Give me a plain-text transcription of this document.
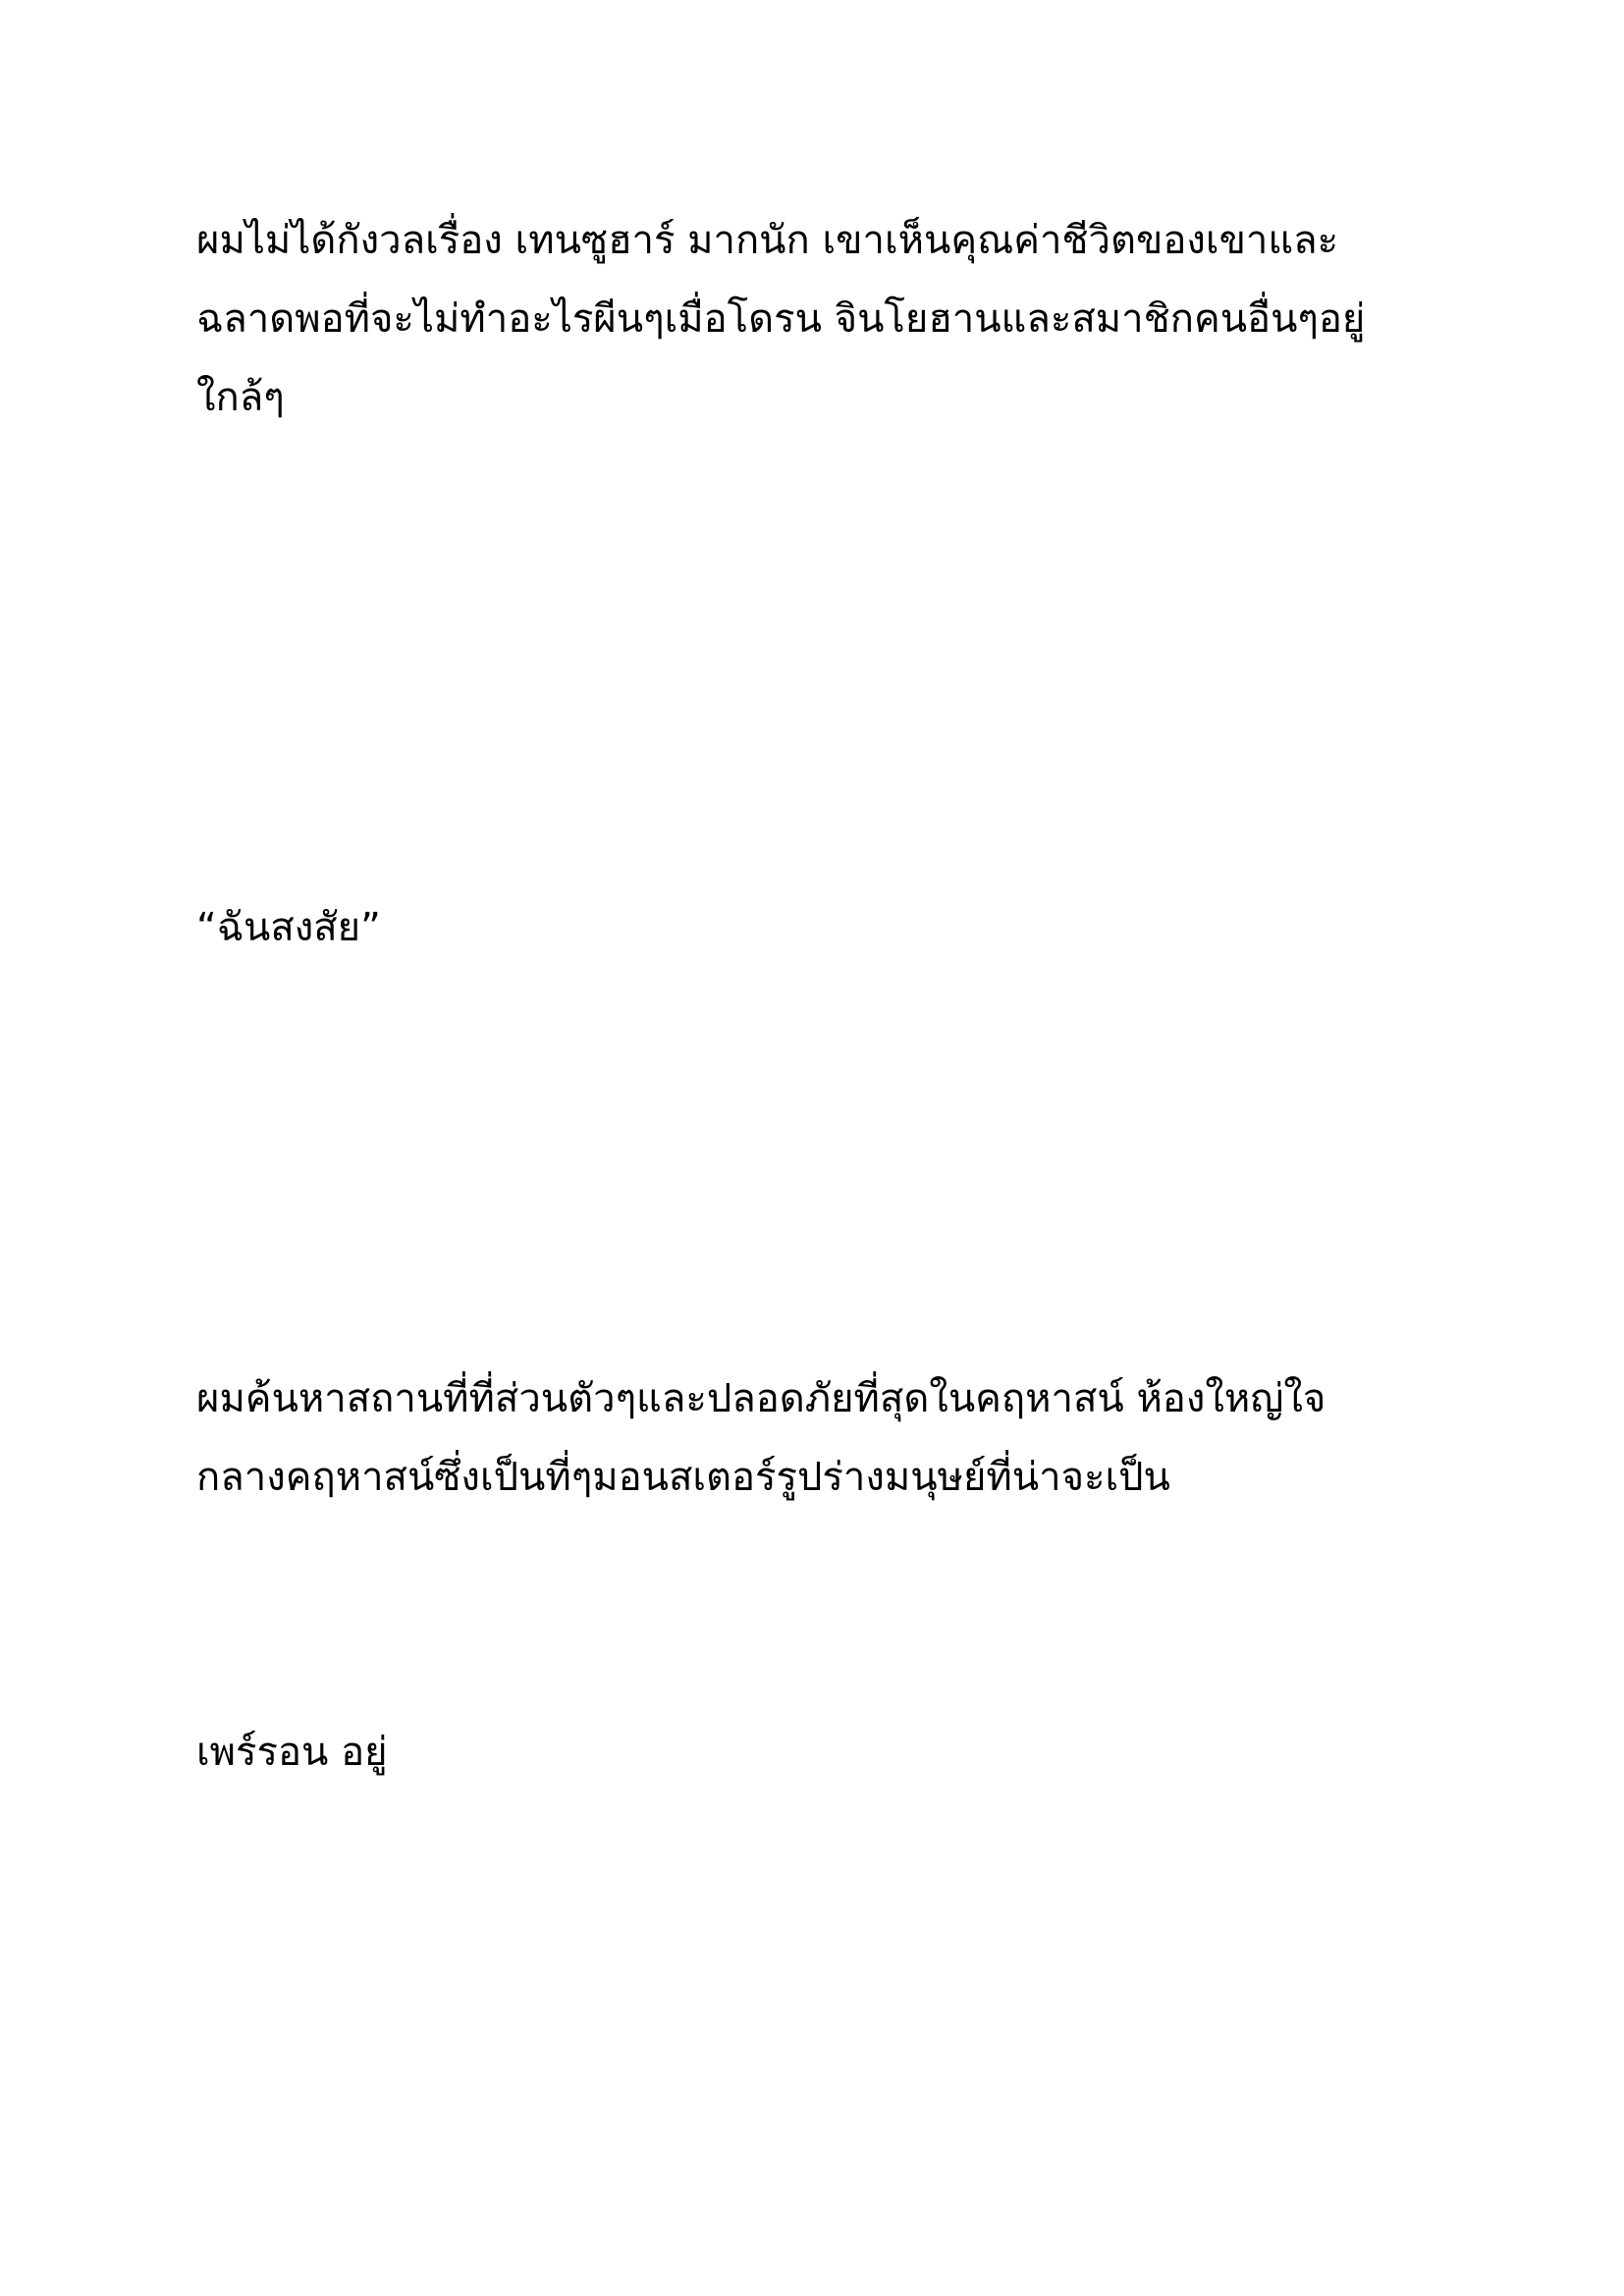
ผมไม่ได้กังวลเรื่อง เทนซูฮาร์ มากนัก เขาเห็นคุณค่าชีวิตของเขาและ
ฉลาดพอที่จะไม่ทำอะไรผีนๆเมื่อโดรน จินโยฮานและสมาชิกคนอื่นๆอยู่
ใกล้ๆ

“ฉันสงสัย”

ผมค้นหาสถานที่ที่ส่วนตัวๆและปลอดภัยที่สุดในคฤหาสน์ ห้องใหญ่ใจ
กลางคฤหาสน์ซึ่งเป็นที่ๆมอนสเตอร์รูปร่างมนุษย์ที่น่าจะเป็น

เพร์รอน อยู่
